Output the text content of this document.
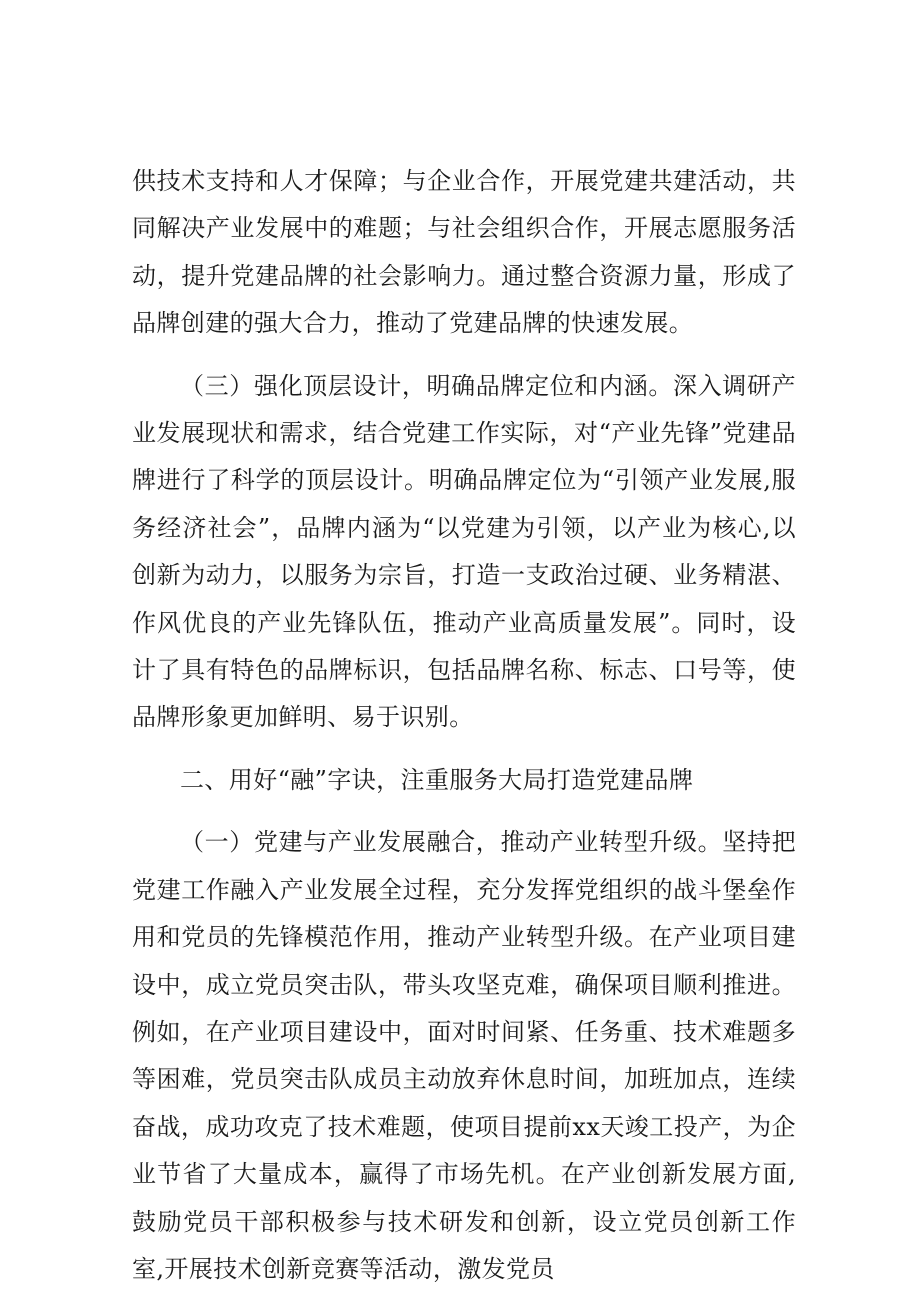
供技术支持和人才保障；与企业合作，开展党建共建活动，共同解决产业发展中的难题；与社会组织合作，开展志愿服务活动，提升党建品牌的社会影响力。通过整合资源力量，形成了品牌创建的强大合力，推动了党建品牌的快速发展。

（三）强化顶层设计，明确品牌定位和内涵。深入调研产业发展现状和需求，结合党建工作实际，对“产业先锋”党建品牌进行了科学的顶层设计。明确品牌定位为“引领产业发展,服务经济社会”，品牌内涵为“以党建为引领，以产业为核心,以创新为动力，以服务为宗旨，打造一支政治过硬、业务精湛、作风优良的产业先锋队伍，推动产业高质量发展”。同时，设计了具有特色的品牌标识，包括品牌名称、标志、口号等，使品牌形象更加鲜明、易于识别。

二、用好“融”字诀，注重服务大局打造党建品牌

（一）党建与产业发展融合，推动产业转型升级。坚持把党建工作融入产业发展全过程，充分发挥党组织的战斗堡垒作用和党员的先锋模范作用，推动产业转型升级。在产业项目建设中，成立党员突击队，带头攻坚克难，确保项目顺利推进。例如，在产业项目建设中，面对时间紧、任务重、技术难题多等困难，党员突击队成员主动放弃休息时间，加班加点，连续奋战，成功攻克了技术难题，使项目提前xx天竣工投产，为企业节省了大量成本，赢得了市场先机。在产业创新发展方面,鼓励党员干部积极参与技术研发和创新，设立党员创新工作室,开展技术创新竞赛等活动，激发党员
